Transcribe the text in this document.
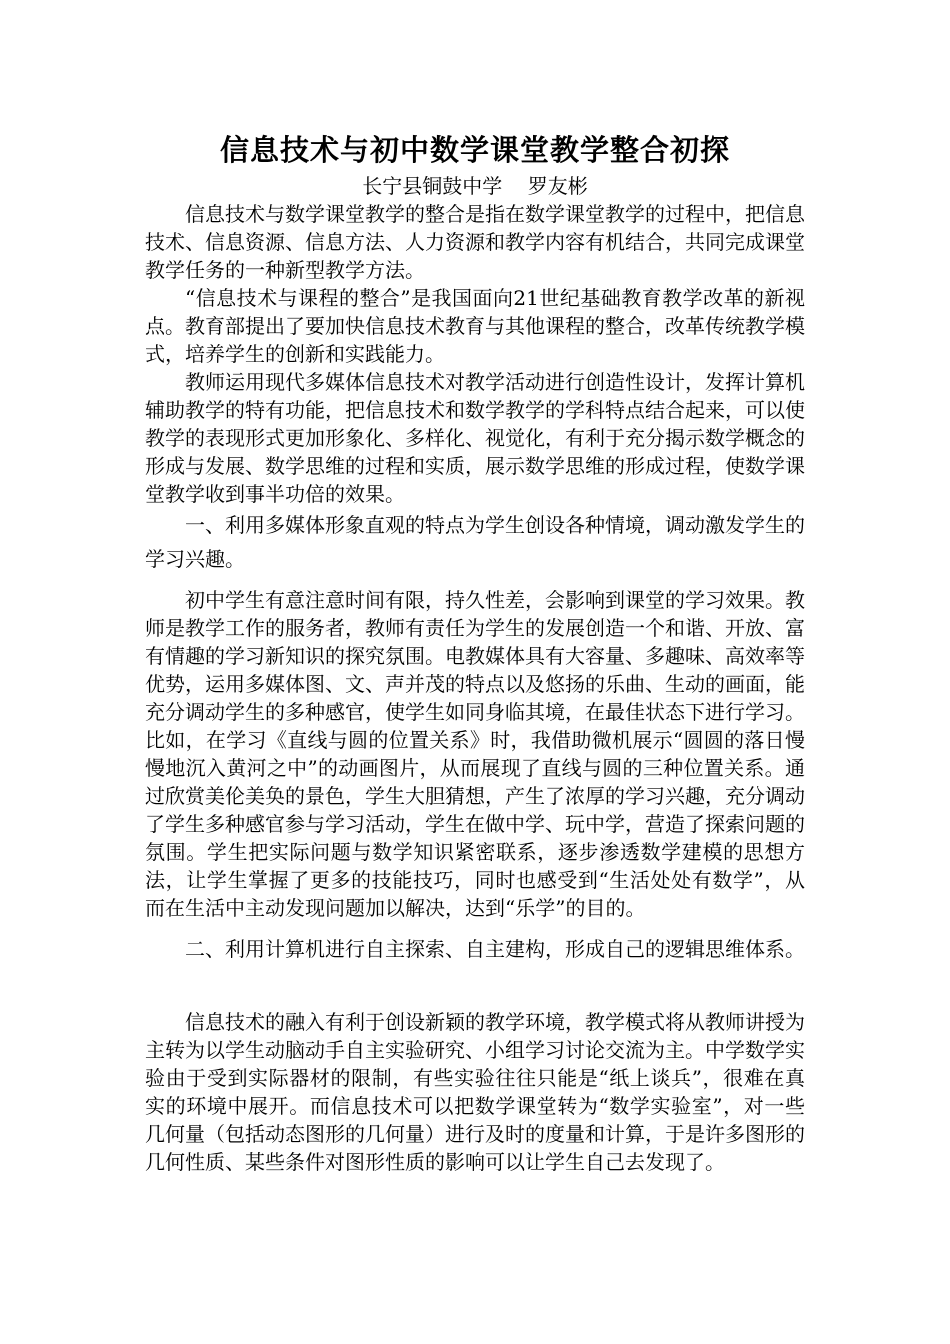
信息技术与初中数学课堂教学整合初探
长宁县铜鼓中学    罗友彬

信息技术与数学课堂教学的整合是指在数学课堂教学的过程中，把信息技术、信息资源、信息方法、人力资源和教学内容有机结合，共同完成课堂教学任务的一种新型教学方法。

“信息技术与课程的整合”是我国面向21世纪基础教育教学改革的新视点。教育部提出了要加快信息技术教育与其他课程的整合，改革传统教学模式，培养学生的创新和实践能力。

教师运用现代多媒体信息技术对教学活动进行创造性设计，发挥计算机辅助教学的特有功能，把信息技术和数学教学的学科特点结合起来，可以使教学的表现形式更加形象化、多样化、视觉化，有利于充分揭示数学概念的形成与发展、数学思维的过程和实质，展示数学思维的形成过程，使数学课堂教学收到事半功倍的效果。

一、利用多媒体形象直观的特点为学生创设各种情境，调动激发学生的学习兴趣。

初中学生有意注意时间有限，持久性差，会影响到课堂的学习效果。教师是教学工作的服务者，教师有责任为学生的发展创造一个和谐、开放、富有情趣的学习新知识的探究氛围。电教媒体具有大容量、多趣味、高效率等优势，运用多媒体图、文、声并茂的特点以及悠扬的乐曲、生动的画面，能充分调动学生的多种感官，使学生如同身临其境，在最佳状态下进行学习。比如，在学习《直线与圆的位置关系》时，我借助微机展示“圆圆的落日慢慢地沉入黄河之中”的动画图片，从而展现了直线与圆的三种位置关系。通过欣赏美伦美奂的景色，学生大胆猜想，产生了浓厚的学习兴趣，充分调动了学生多种感官参与学习活动，学生在做中学、玩中学，营造了探索问题的氛围。学生把实际问题与数学知识紧密联系，逐步渗透数学建模的思想方法，让学生掌握了更多的技能技巧，同时也感受到“生活处处有数学”，从而在生活中主动发现问题加以解决，达到“乐学”的目的。

二、利用计算机进行自主探索、自主建构，形成自己的逻辑思维体系。

信息技术的融入有利于创设新颖的教学环境，教学模式将从教师讲授为主转为以学生动脑动手自主实验研究、小组学习讨论交流为主。中学数学实验由于受到实际器材的限制，有些实验往往只能是“纸上谈兵”，很难在真实的环境中展开。而信息技术可以把数学课堂转为“数学实验室”，对一些几何量（包括动态图形的几何量）进行及时的度量和计算，于是许多图形的几何性质、某些条件对图形性质的影响可以让学生自己去发现了。
